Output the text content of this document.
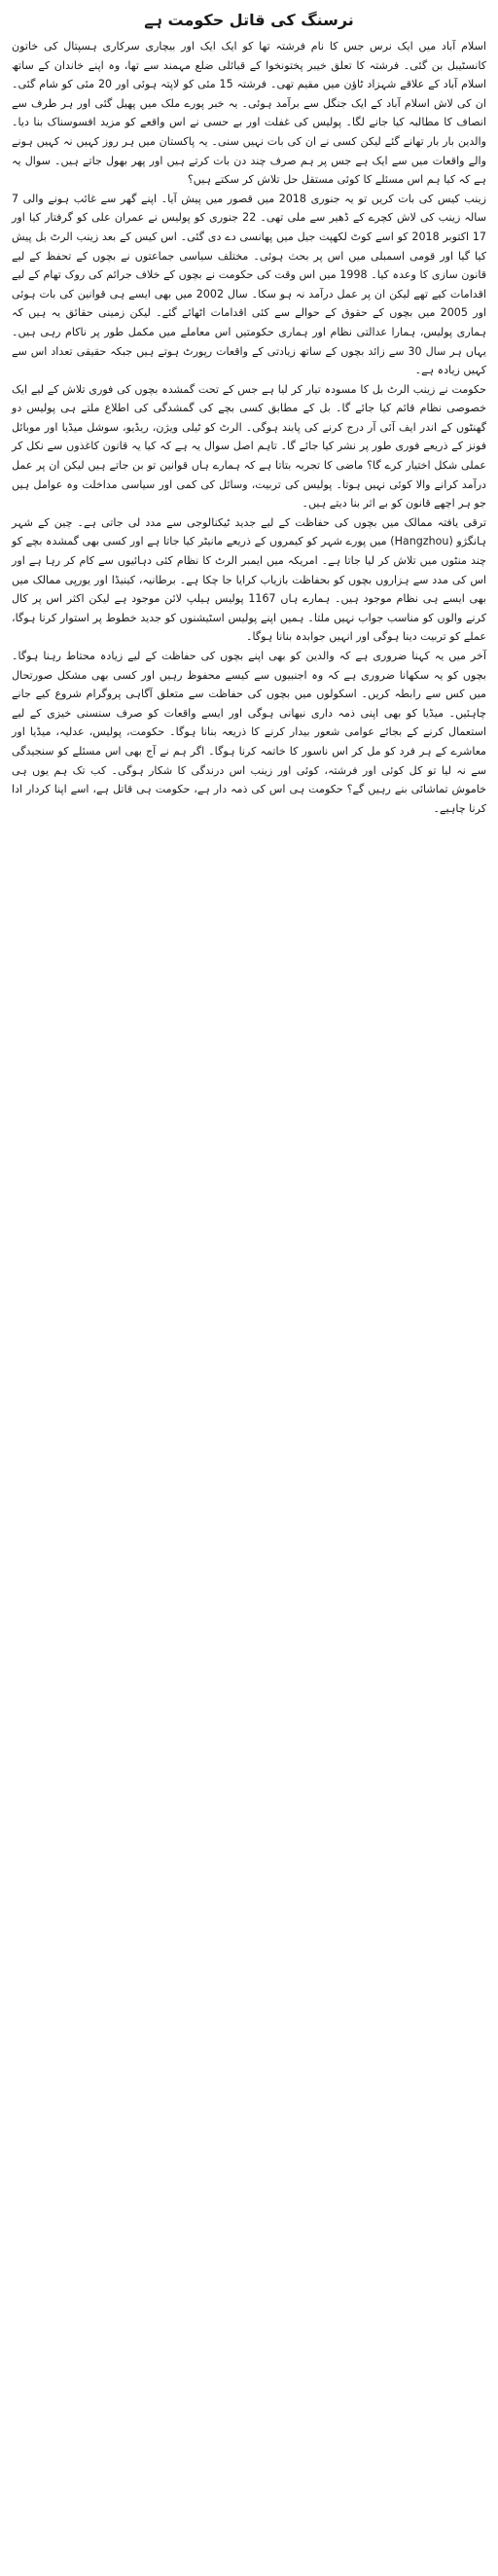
نرسنگ کی قاتل حکومت ہے

اسلام آباد میں ایک نرس جس کا نام فرشتہ تھا کو ایک ایک اور بیچاری سرکاری ہسپتال کی خاتون کانسٹیبل بن گئی۔ فرشتہ کا تعلق خیبر پختونخوا کے قبائلی ضلع مہمند سے تھا، وہ اپنے خاندان کے ساتھ اسلام آباد کے علاقے شہزاد ٹاؤن میں مقیم تھی۔ فرشتہ 15 مئی کو لاپتہ ہوئی اور 20 مئی کو شام گئی۔ ان کی لاش اسلام آباد کے ایک جنگل سے برآمد ہوئی۔ یہ خبر پورے ملک میں پھیل گئی اور ہر طرف سے انصاف کا مطالبہ کیا جانے لگا۔ پولیس کی غفلت اور بے حسی نے اس واقعے کو مزید افسوسناک بنا دیا۔ والدین بار بار تھانے گئے لیکن کسی نے ان کی بات نہیں سنی۔ یہ پاکستان میں ہر روز کہیں نہ کہیں ہونے والے واقعات میں سے ایک ہے جس پر ہم صرف چند دن بات کرتے ہیں اور پھر بھول جاتے ہیں۔ سوال یہ ہے کہ کیا ہم اس مسئلے کا کوئی مستقل حل تلاش کر سکتے ہیں؟

زینب کیس کی بات کریں تو یہ جنوری 2018 میں قصور میں پیش آیا۔ اپنے گھر سے غائب ہونے والی 7 سالہ زینب کی لاش کچرے کے ڈھیر سے ملی تھی۔ 22 جنوری کو پولیس نے عمران علی کو گرفتار کیا اور 17 اکتوبر 2018 کو اسے کوٹ لکھپت جیل میں پھانسی دے دی گئی۔ اس کیس کے بعد زینب الرٹ بل پیش کیا گیا اور قومی اسمبلی میں اس پر بحث ہوئی۔ مختلف سیاسی جماعتوں نے بچوں کے تحفظ کے لیے قانون سازی کا وعدہ کیا۔ 1998 میں اس وقت کی حکومت نے بچوں کے خلاف جرائم کی روک تھام کے لیے اقدامات کیے تھے لیکن ان پر عمل درآمد نہ ہو سکا۔ سال 2002 میں بھی ایسے ہی قوانین کی بات ہوئی اور 2005 میں بچوں کے حقوق کے حوالے سے کئی اقدامات اٹھائے گئے۔ لیکن زمینی حقائق یہ ہیں کہ ہماری پولیس، ہمارا عدالتی نظام اور ہماری حکومتیں اس معاملے میں مکمل طور پر ناکام رہی ہیں۔ یہاں ہر سال 30 سے زائد بچوں کے ساتھ زیادتی کے واقعات رپورٹ ہوتے ہیں جبکہ حقیقی تعداد اس سے کہیں زیادہ ہے۔

حکومت نے زینب الرٹ بل کا مسودہ تیار کر لیا ہے جس کے تحت گمشدہ بچوں کی فوری تلاش کے لیے ایک خصوصی نظام قائم کیا جائے گا۔ بل کے مطابق کسی بچے کی گمشدگی کی اطلاع ملتے ہی پولیس دو گھنٹوں کے اندر ایف آئی آر درج کرنے کی پابند ہوگی۔ الرٹ کو ٹیلی ویژن، ریڈیو، سوشل میڈیا اور موبائل فونز کے ذریعے فوری طور پر نشر کیا جائے گا۔ تاہم اصل سوال یہ ہے کہ کیا یہ قانون کاغذوں سے نکل کر عملی شکل اختیار کرے گا؟ ماضی کا تجربہ بتاتا ہے کہ ہمارے ہاں قوانین تو بن جاتے ہیں لیکن ان پر عمل درآمد کرانے والا کوئی نہیں ہوتا۔ پولیس کی تربیت، وسائل کی کمی اور سیاسی مداخلت وہ عوامل ہیں جو ہر اچھے قانون کو بے اثر بنا دیتے ہیں۔

ترقی یافتہ ممالک میں بچوں کی حفاظت کے لیے جدید ٹیکنالوجی سے مدد لی جاتی ہے۔ چین کے شہر ہانگژو (Hangzhou) میں پورے شہر کو کیمروں کے ذریعے مانیٹر کیا جاتا ہے اور کسی بھی گمشدہ بچے کو چند منٹوں میں تلاش کر لیا جاتا ہے۔ امریکہ میں ایمبر الرٹ کا نظام کئی دہائیوں سے کام کر رہا ہے اور اس کی مدد سے ہزاروں بچوں کو بحفاظت بازیاب کرایا جا چکا ہے۔ برطانیہ، کینیڈا اور یورپی ممالک میں بھی ایسے ہی نظام موجود ہیں۔ ہمارے ہاں 1167 پولیس ہیلپ لائن موجود ہے لیکن اکثر اس پر کال کرنے والوں کو مناسب جواب نہیں ملتا۔ ہمیں اپنے پولیس اسٹیشنوں کو جدید خطوط پر استوار کرنا ہوگا، عملے کو تربیت دینا ہوگی اور انہیں جوابدہ بنانا ہوگا۔

آخر میں یہ کہنا ضروری ہے کہ والدین کو بھی اپنے بچوں کی حفاظت کے لیے زیادہ محتاط رہنا ہوگا۔ بچوں کو یہ سکھانا ضروری ہے کہ وہ اجنبیوں سے کیسے محفوظ رہیں اور کسی بھی مشکل صورتحال میں کس سے رابطہ کریں۔ اسکولوں میں بچوں کی حفاظت سے متعلق آگاہی پروگرام شروع کیے جانے چاہئیں۔ میڈیا کو بھی اپنی ذمہ داری نبھانی ہوگی اور ایسے واقعات کو صرف سنسنی خیزی کے لیے استعمال کرنے کے بجائے عوامی شعور بیدار کرنے کا ذریعہ بنانا ہوگا۔ حکومت، پولیس، عدلیہ، میڈیا اور معاشرے کے ہر فرد کو مل کر اس ناسور کا خاتمہ کرنا ہوگا۔ اگر ہم نے آج بھی اس مسئلے کو سنجیدگی سے نہ لیا تو کل کوئی اور فرشتہ، کوئی اور زینب اس درندگی کا شکار ہوگی۔ کب تک ہم یوں ہی خاموش تماشائی بنے رہیں گے؟ حکومت ہی اس کی ذمہ دار ہے، حکومت ہی قاتل ہے، اسے اپنا کردار ادا کرنا چاہیے۔
